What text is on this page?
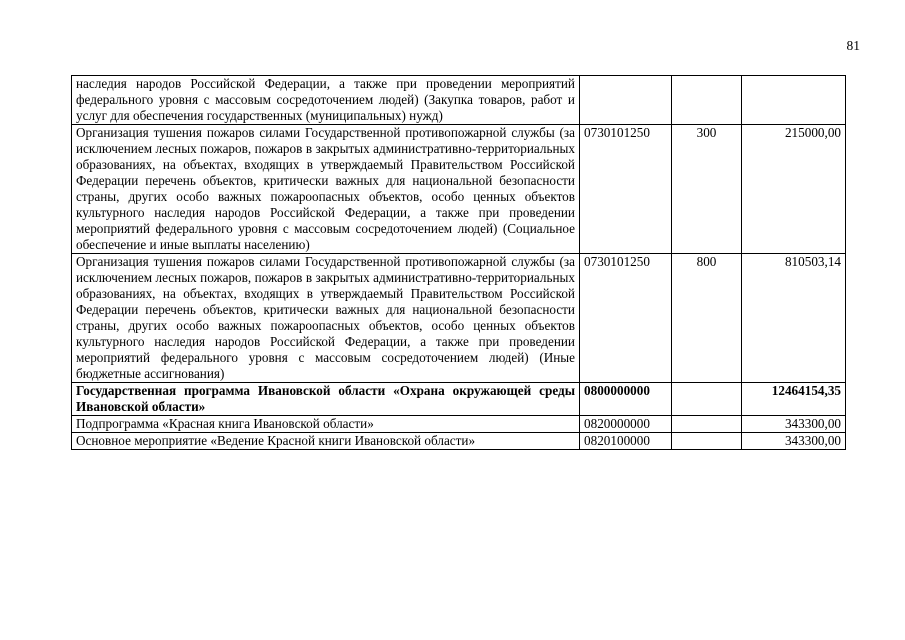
81
наследия народов Российской Федерации, а также при проведении мероприятий федерального уровня с массовым сосредоточением людей) (Закупка товаров, работ и услуг для обеспечения государственных (муниципальных) нужд)			
Организация тушения пожаров силами Государственной противопожарной службы (за исключением лесных пожаров, пожаров в закрытых административно-территориальных образованиях, на объектах, входящих в утверждаемый Правительством Российской Федерации перечень объектов, критически важных для национальной безопасности страны, других особо важных пожароопасных объектов, особо ценных объектов культурного наследия народов Российской Федерации, а также при проведении мероприятий федерального уровня с массовым сосредоточением людей) (Социальное обеспечение и иные выплаты населению)	0730101250	300	215000,00
Организация тушения пожаров силами Государственной противопожарной службы (за исключением лесных пожаров, пожаров в закрытых административно-территориальных образованиях, на объектах, входящих в утверждаемый Правительством Российской Федерации перечень объектов, критически важных для национальной безопасности страны, других особо важных пожароопасных объектов, особо ценных объектов культурного наследия народов Российской Федерации, а также при проведении мероприятий федерального уровня с массовым сосредоточением людей) (Иные бюджетные ассигнования)	0730101250	800	810503,14
Государственная программа Ивановской области «Охрана окружающей среды Ивановской области»	0800000000		12464154,35
Подпрограмма «Красная книга Ивановской области»	0820000000		343300,00
Основное мероприятие «Ведение Красной книги Ивановской области»	0820100000		343300,00
